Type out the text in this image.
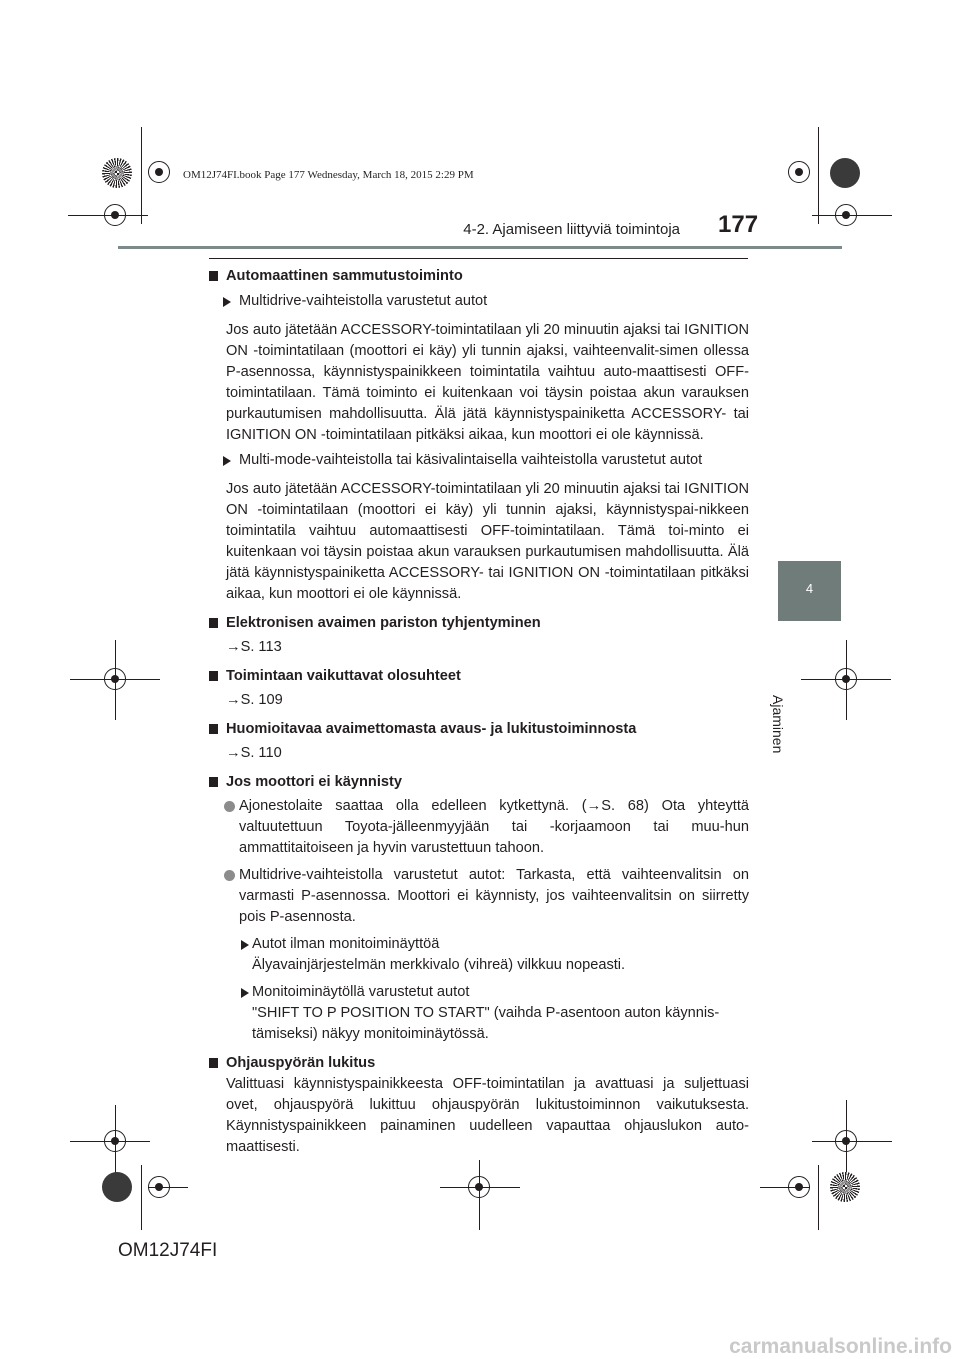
OM12J74FI.book Page 177 Wednesday, March 18, 2015 2:29 PM
177
4-2. Ajamiseen liittyviä toimintoja
4
Ajaminen
Automaattinen sammutustoiminto
Multidrive-vaihteistolla varustetut autot
Jos auto jätetään ACCESSORY-toimintatilaan yli 20 minuutin ajaksi tai IGNITION ON -toimintatilaan (moottori ei käy) yli tunnin ajaksi, vaihteenvalit-simen ollessa P-asennossa, käynnistyspainikkeen toimintatila vaihtuu auto-maattisesti OFF-toimintatilaan. Tämä toiminto ei kuitenkaan voi täysin poistaa akun varauksen purkautumisen mahdollisuutta. Älä jätä käynnistyspainiketta ACCESSORY- tai IGNITION ON -toimintatilaan pitkäksi aikaa, kun moottori ei ole käynnissä.
Multi-mode-vaihteistolla tai käsivalintaisella vaihteistolla varustetut autot
Jos auto jätetään ACCESSORY-toimintatilaan yli 20 minuutin ajaksi tai IGNITION ON -toimintatilaan (moottori ei käy) yli tunnin ajaksi, käynnistyspai-nikkeen toimintatila vaihtuu automaattisesti OFF-toimintatilaan. Tämä toi-minto ei kuitenkaan voi täysin poistaa akun varauksen purkautumisen mahdollisuutta. Älä jätä käynnistyspainiketta ACCESSORY- tai IGNITION ON -toimintatilaan pitkäksi aikaa, kun moottori ei ole käynnissä.
Elektronisen avaimen pariston tyhjentyminen
→S. 113
Toimintaan vaikuttavat olosuhteet
→S. 109
Huomioitavaa avaimettomasta avaus- ja lukitustoiminnosta
→S. 110
Jos moottori ei käynnisty
Ajonestolaite saattaa olla edelleen kytkettynä. (→S. 68) Ota yhteyttä valtuutettuun Toyota-jälleenmyyjään tai -korjaamoon tai muu-hun ammattitaitoiseen ja hyvin varustettuun tahoon.
Multidrive-vaihteistolla varustetut autot: Tarkasta, että vaihteenvalitsin on varmasti P-asennossa. Moottori ei käynnisty, jos vaihteenvalitsin on siirretty pois P-asennosta.
Autot ilman monitoiminäyttöä
Älyavainjärjestelmän merkkivalo (vihreä) vilkkuu nopeasti.
Monitoiminäytöllä varustetut autot
"SHIFT TO P POSITION TO START" (vaihda P-asentoon auton käynnis-tämiseksi) näkyy monitoiminäytössä.
Ohjauspyörän lukitus
Valittuasi käynnistyspainikkeesta OFF-toimintatilan ja avattuasi ja suljettuasi ovet, ohjauspyörä lukittuu ohjauspyörän lukitustoiminnon vaikutuksesta. Käynnistyspainikkeen painaminen uudelleen vapauttaa ohjauslukon auto-maattisesti.
OM12J74FI
carmanualsonline.info
